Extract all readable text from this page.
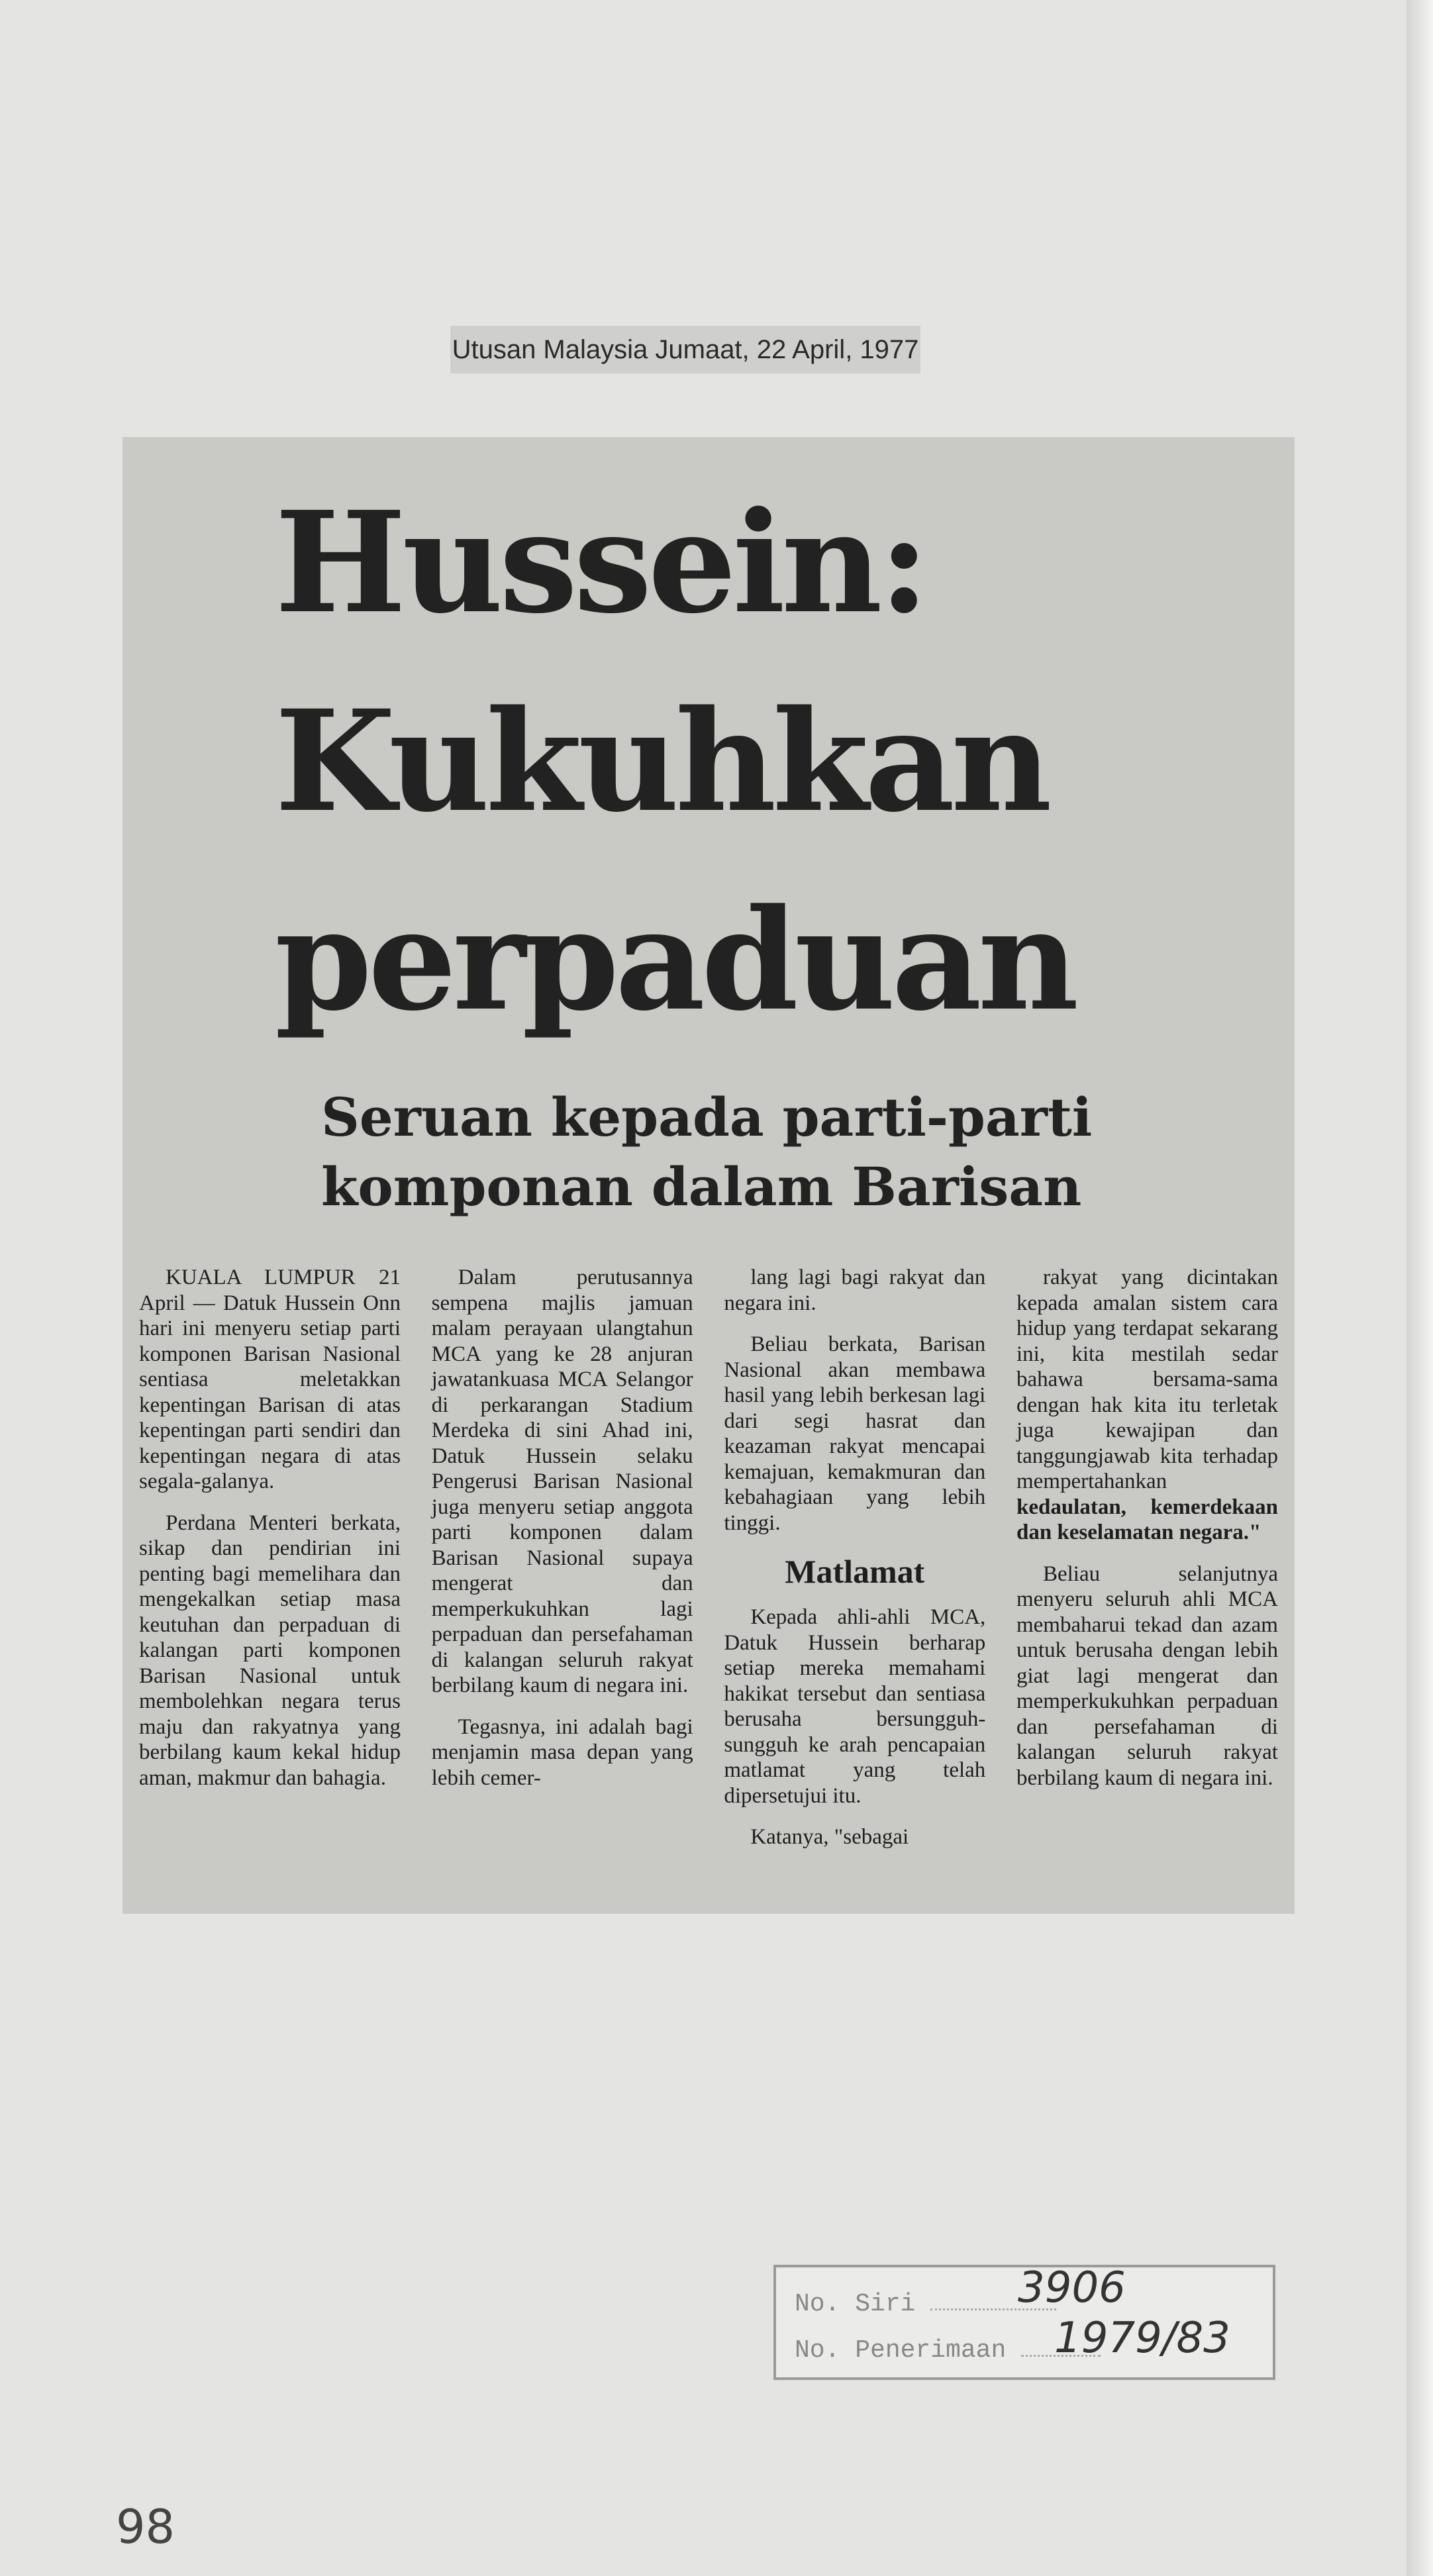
Utusan Malaysia Jumaat, 22 April, 1977
Hussein:
Kukuhkan
perpaduan
Seruan kepada parti-parti
komponan dalam Barisan

KUALA LUMPUR 21 April — Datuk Hussein Onn hari ini menyeru setiap parti komponen Barisan Nasional sentiasa meletakkan kepentingan Barisan di atas kepentingan parti sendiri dan kepentingan negara di atas segala-galanya.

Perdana Menteri berkata, sikap dan pendirian ini penting bagi memelihara dan mengekalkan setiap masa keutuhan dan perpaduan di kalangan parti komponen Barisan Nasional untuk membolehkan negara terus maju dan rakyatnya yang berbilang kaum kekal hidup aman, makmur dan bahagia.

Dalam perutusannya sempena majlis jamuan malam perayaan ulangtahun MCA yang ke 28 anjuran jawatankuasa MCA Selangor di perkarangan Stadium Merdeka di sini Ahad ini, Datuk Hussein selaku Pengerusi Barisan Nasional juga menyeru setiap anggota parti komponen dalam Barisan Nasional supaya mengerat dan memperkukuhkan lagi perpaduan dan persefahaman di kalangan seluruh rakyat berbilang kaum di negara ini.

Tegasnya, ini adalah bagi menjamin masa depan yang lebih cemer-

lang lagi bagi rakyat dan negara ini.

Beliau berkata, Barisan Nasional akan membawa hasil yang lebih berkesan lagi dari segi hasrat dan keazaman rakyat mencapai kemajuan, kemakmuran dan kebahagiaan yang lebih tinggi.

Matlamat

Kepada ahli-ahli MCA, Datuk Hussein berharap setiap mereka memahami hakikat tersebut dan sentiasa berusaha bersungguh-sungguh ke arah pencapaian matlamat yang telah dipersetujui itu.

Katanya, "sebagai

rakyat yang dicintakan kepada amalan sistem cara hidup yang terdapat sekarang ini, kita mestilah sedar bahawa bersama-sama dengan hak kita itu terletak juga kewajipan dan tanggungjawab kita terhadap mempertahankan kedaulatan, kemerdekaan dan keselamatan negara."

Beliau selanjutnya menyeru seluruh ahli MCA membaharui tekad dan azam untuk berusaha dengan lebih giat lagi mengerat dan memperkukuhkan perpaduan dan persefahaman di kalangan seluruh rakyat berbilang kaum di negara ini.

No. Siri	3906
No. Penerimaan	1979/83
98
